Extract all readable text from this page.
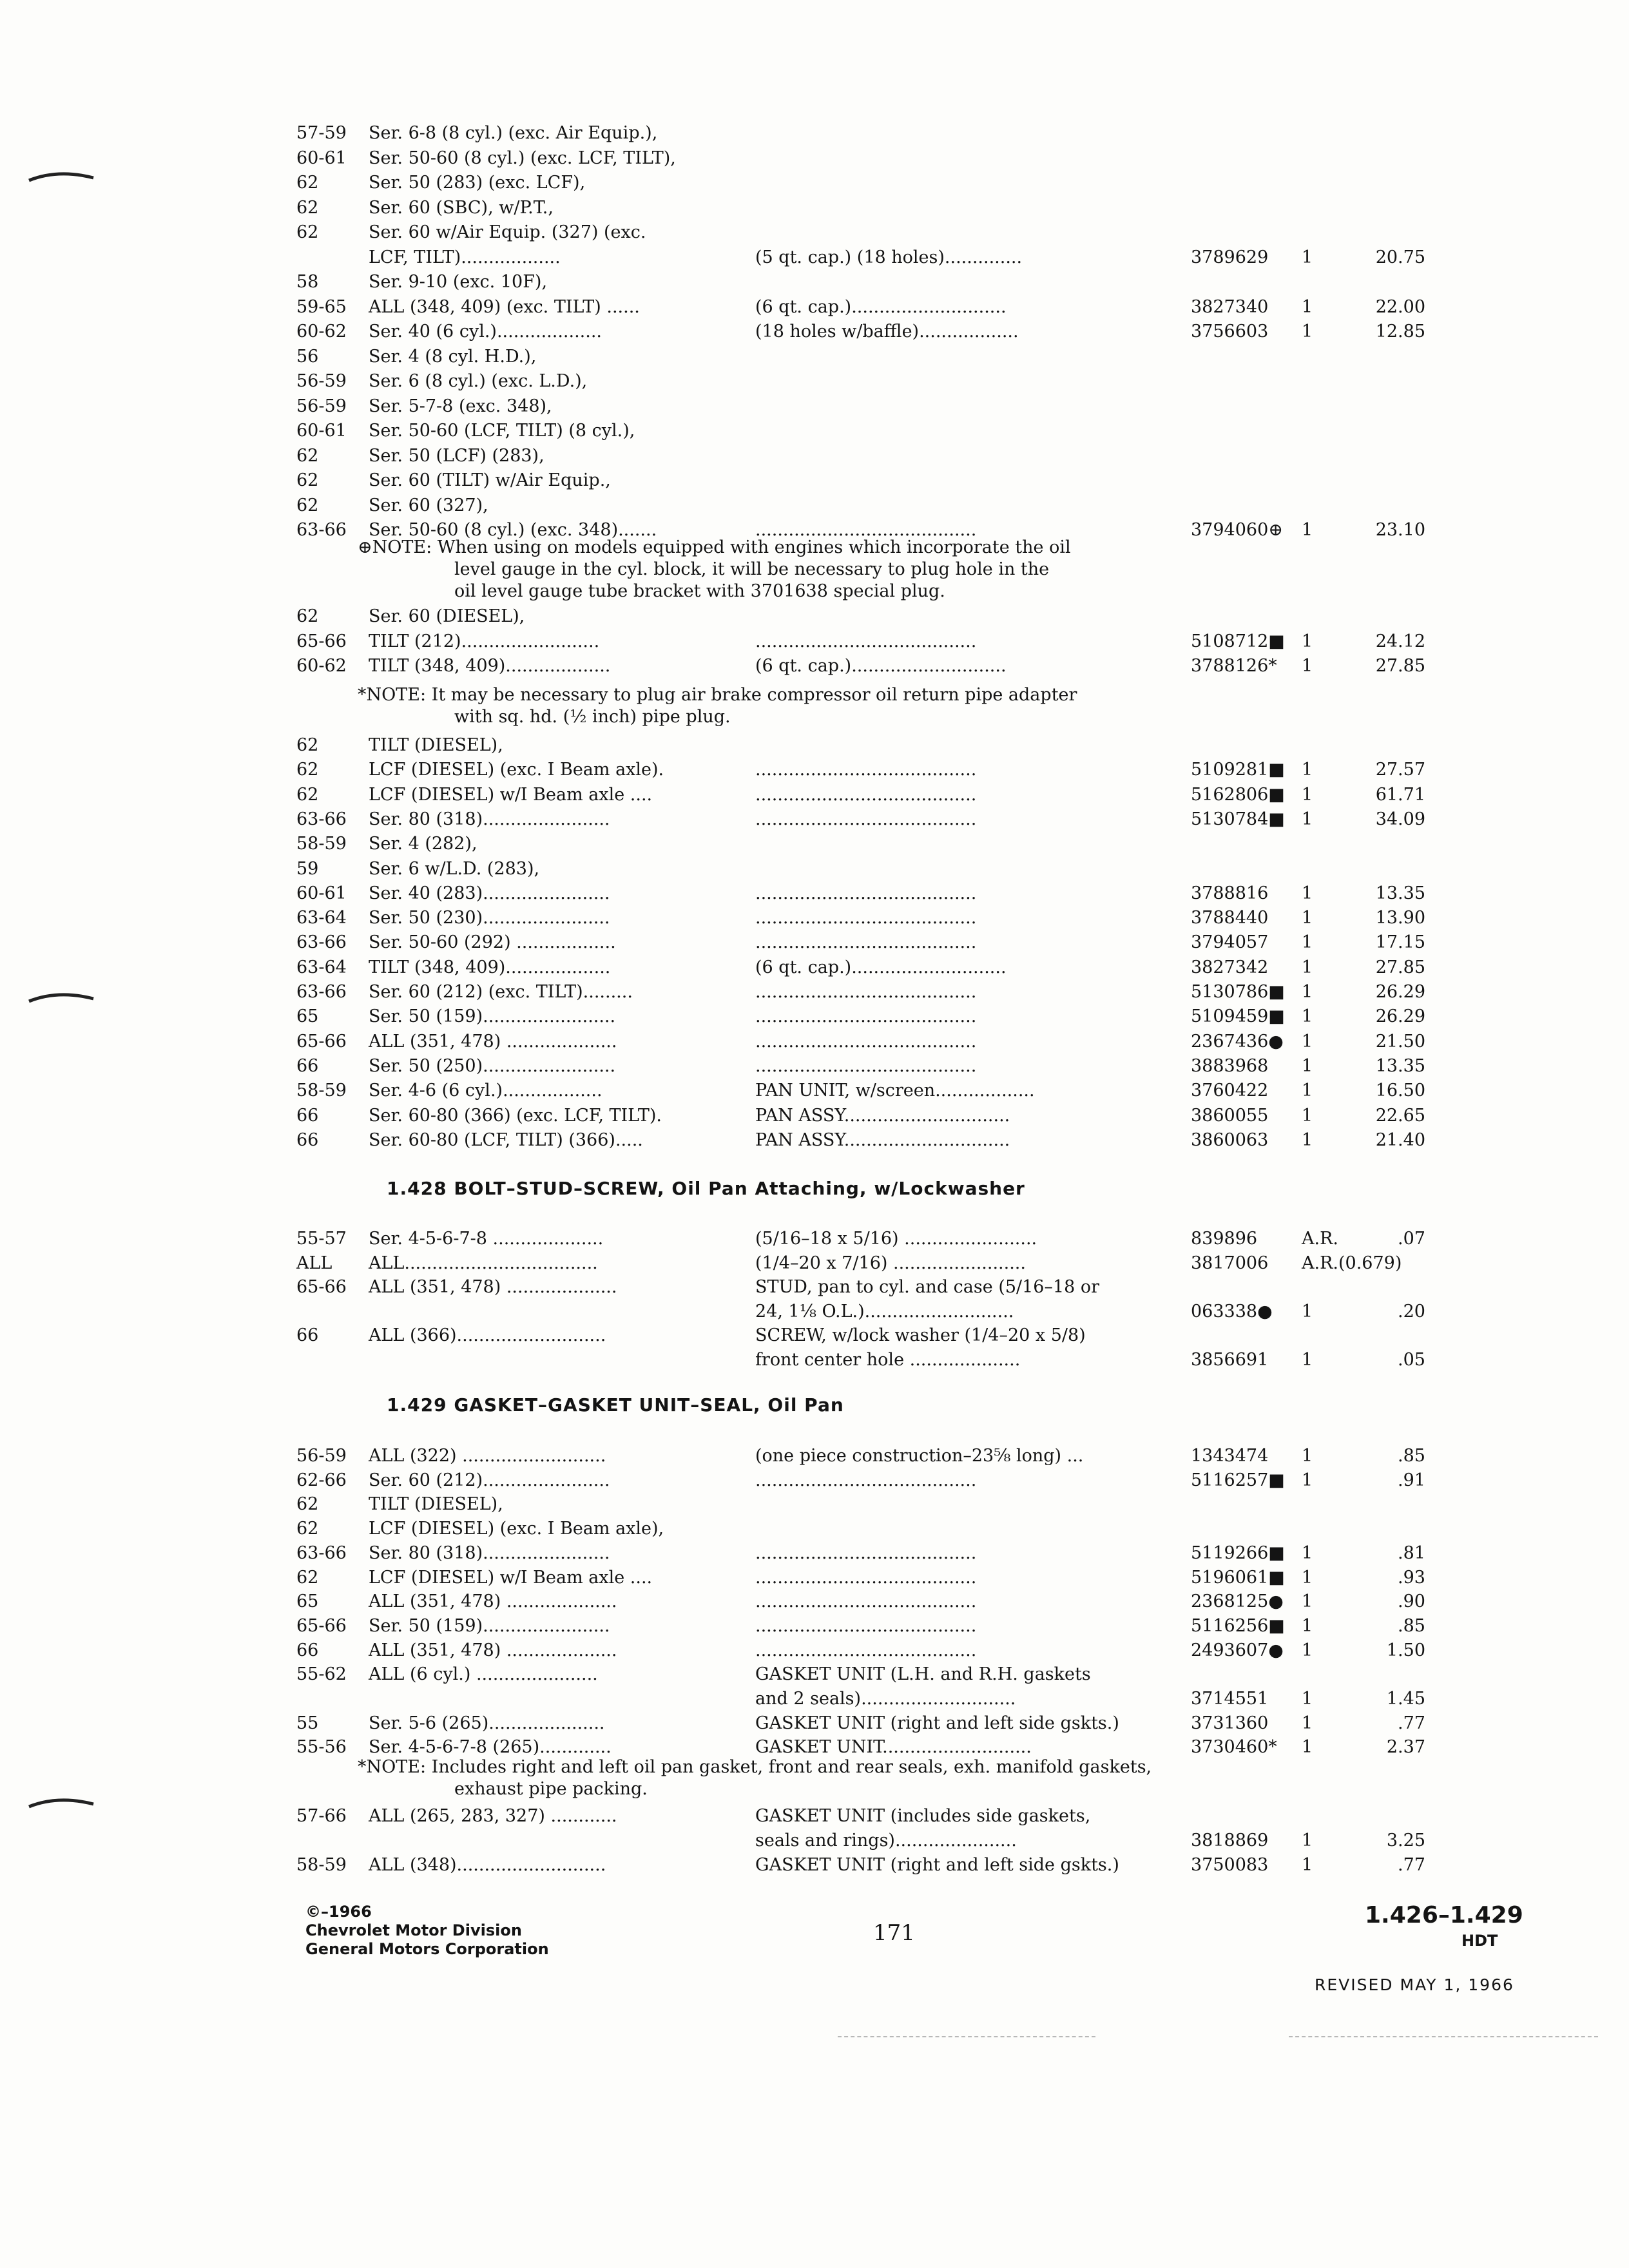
57-59 Ser. 6-8 (8 cyl.) (exc. Air Equip.),
60-61 Ser. 50-60 (8 cyl.) (exc. LCF, TILT),
62	Ser. 50 (283) (exc. LCF),
62	Ser. 60 (SBC), w/P.T.,
62	Ser. 60 w/Air Equip. (327) (exc.
LCF, TILT)..................	(5 qt. cap.) (18 holes)..............	3789629 1	20.75
58	Ser. 9-10 (exc. 10F),
59-65 ALL (348, 409) (exc. TILT) ......	(6 qt. cap.)............................	3827340 1	22.00
60-62 Ser. 40 (6 cyl.)...................	(18 holes w/baffle)..................	3756603 1	12.85
56	Ser. 4 (8 cyl. H.D.),
56-59 Ser. 6 (8 cyl.) (exc. L.D.),
56-59 Ser. 5-7-8 (exc. 348),
60-61 Ser. 50-60 (LCF, TILT) (8 cyl.),
62	Ser. 50 (LCF) (283),
62	Ser. 60 (TILT) w/Air Equip.,
62	Ser. 60 (327),
63-66 Ser. 50-60 (8 cyl.) (exc. 348).......	........................................	3794060⊕ 1	23.10
⊕NOTE: When using on models equipped with engines which incorporate the oil
level gauge in the cyl. block, it will be necessary to plug hole in the
oil level gauge tube bracket with 3701638 special plug.
62	Ser. 60 (DIESEL),
65-66 TILT (212).........................	........................................	5108712■ 1	24.12
60-62 TILT (348, 409)...................	(6 qt. cap.)............................	3788126* 1	27.85
*NOTE: It may be necessary to plug air brake compressor oil return pipe adapter
with sq. hd. (½ inch) pipe plug.
62	TILT (DIESEL),
62	LCF (DIESEL) (exc. I Beam axle).	........................................	5109281■ 1	27.57
62	LCF (DIESEL) w/I Beam axle ....	........................................	5162806■ 1	61.71
63-66 Ser. 80 (318).......................	........................................	5130784■ 1	34.09
58-59 Ser. 4 (282),
59	Ser. 6 w/L.D. (283),
60-61 Ser. 40 (283).......................	........................................	3788816 1	13.35
63-64 Ser. 50 (230).......................	........................................	3788440 1	13.90
63-66 Ser. 50-60 (292) ..................	........................................	3794057 1	17.15
63-64 TILT (348, 409)...................	(6 qt. cap.)............................	3827342 1	27.85
63-66 Ser. 60 (212) (exc. TILT).........	........................................	5130786■ 1	26.29
65	Ser. 50 (159)........................	........................................	5109459■ 1	26.29
65-66 ALL (351, 478) ....................	........................................	2367436● 1	21.50
66	Ser. 50 (250)........................	........................................	3883968 1	13.35
58-59 Ser. 4-6 (6 cyl.)..................	PAN UNIT, w/screen..................	3760422 1	16.50
66	Ser. 60-80 (366) (exc. LCF, TILT).	PAN ASSY..............................	3860055 1	22.65
66	Ser. 60-80 (LCF, TILT) (366).....	PAN ASSY..............................	3860063 1	21.40
1.428 BOLT–STUD–SCREW, Oil Pan Attaching, w/Lockwasher
55-57 Ser. 4-5-6-7-8 ....................	(5/16–18 x 5/16) ........................	839896	A.R.	.07
ALL ALL...................................	(1/4–20 x 7/16) ........................	3817006 A.R.(0.679)
65-66 ALL (351, 478) ....................	STUD, pan to cyl. and case (5/16–18 or
24, 1⅛ O.L.)...........................	063338● 1	.20
66	ALL (366)...........................	SCREW, w/lock washer (1/4–20 x 5/8)
front center hole ....................	3856691 1	.05
1.429 GASKET–GASKET UNIT–SEAL, Oil Pan
56-59 ALL (322) ..........................	(one piece construction–23⅝ long) ...	1343474 1	.85
62-66 Ser. 60 (212).......................	........................................	5116257■ 1	.91
62	TILT (DIESEL),
62	LCF (DIESEL) (exc. I Beam axle),
63-66 Ser. 80 (318).......................	........................................	5119266■ 1	.81
62	LCF (DIESEL) w/I Beam axle ....	........................................	5196061■ 1	.93
65	ALL (351, 478) ....................	........................................	2368125● 1	.90
65-66 Ser. 50 (159).......................	........................................	5116256■ 1	.85
66	ALL (351, 478) ....................	........................................	2493607● 1	1.50
55-62 ALL (6 cyl.) ......................	GASKET UNIT (L.H. and R.H. gaskets
and 2 seals)............................	3714551 1	1.45
55	Ser. 5-6 (265).....................	GASKET UNIT (right and left side gskts.)	3731360 1	.77
55-56 Ser. 4-5-6-7-8 (265).............	GASKET UNIT...........................	3730460* 1	2.37
*NOTE: Includes right and left oil pan gasket, front and rear seals, exh. manifold gaskets,
exhaust pipe packing.
57-66 ALL (265, 283, 327) ............	GASKET UNIT (includes side gaskets,
seals and rings)......................	3818869 1	3.25
58-59 ALL (348)...........................	GASKET UNIT (right and left side gskts.)	3750083 1	.77
©–1966
Chevrolet Motor Division
General Motors Corporation
171
1.426–1.429
HDT
REVISED MAY 1, 1966
